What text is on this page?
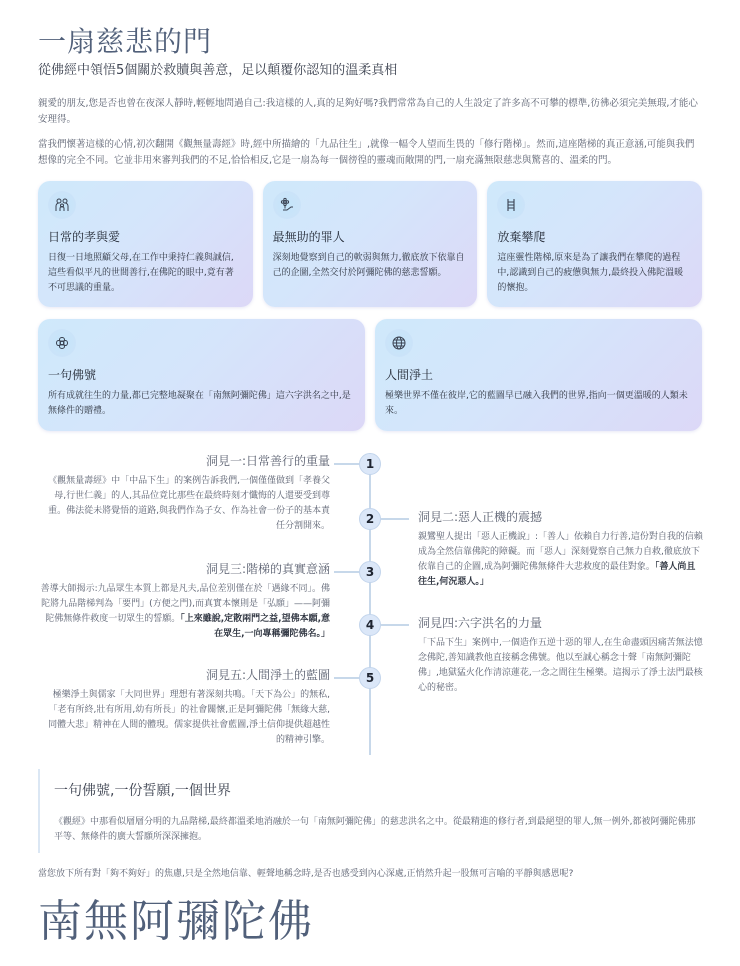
一扇慈悲的門
從佛經中領悟5個關於救贖與善意，足以顛覆你認知的溫柔真相

親愛的朋友,您是否也曾在夜深人靜時,輕輕地問過自己:我這樣的人,真的足夠好嗎?我們常常為自己的人生設定了許多高不可攀的標準,彷彿必須完美無瑕,才能心安理得。

當我們懷著這樣的心情,初次翻開《觀無量壽經》時,經中所描繪的「九品往生」,就像一幅令人望而生畏的「修行階梯」。然而,這座階梯的真正意涵,可能與我們想像的完全不同。它並非用來審判我們的不足,恰恰相反,它是一扇為每一個徬徨的靈魂而敞開的門,一扇充滿無限慈悲與驚喜的、溫柔的門。

日常的孝與愛

日復一日地照顧父母,在工作中秉持仁義與誠信,這些看似平凡的世間善行,在佛陀的眼中,竟有著不可思議的重量。

最無助的罪人

深刻地覺察到自己的軟弱與無力,徹底放下依靠自己的企圖,全然交付於阿彌陀佛的慈悲誓願。

放棄攀爬

這座靈性階梯,原來是為了讓我們在攀爬的過程中,認識到自己的疲憊與無力,最終投入佛陀溫暖的懷抱。

一句佛號

所有成就往生的力量,都已完整地凝聚在「南無阿彌陀佛」這六字洪名之中,是無條件的贈禮。

人間淨土

極樂世界不僅在彼岸,它的藍圖早已融入我們的世界,指向一個更溫暖的人類未來。

1
洞見一:日常善行的重量

《觀無量壽經》中「中品下生」的案例告訴我們,一個僅僅做到「孝養父母,行世仁義」的人,其品位竟比那些在最終時刻才懺悔的人還要受到尊重。佛法從未將覺悟的道路,與我們作為子女、作為社會一份子的基本責任分割開來。	2	洞見二:惡人正機的震撼

親鸞聖人提出「惡人正機說」:「善人」依賴自力行善,這份對自我的信賴成為全然信靠佛陀的障礙。而「惡人」深刻覺察自己無力自救,徹底放下依靠自己的企圖,成為阿彌陀佛無條件大悲救度的最佳對象。「善人尚且往生,何況惡人。」

3
洞見三:階梯的真實意涵

善導大師揭示:九品眾生本質上都是凡夫,品位差別僅在於「遇緣不同」。佛陀將九品階梯判為「要門」(方便之門),而真實本懷則是「弘願」——阿彌陀佛無條件救度一切眾生的誓願。「上來雖說,定散兩門之益,望佛本願,意在眾生,一向專稱彌陀佛名。」

4	洞見四:六字洪名的力量

「下品下生」案例中,一個造作五逆十惡的罪人,在生命盡頭因痛苦無法憶念佛陀,善知識教他直接稱念佛號。他以至誠心稱念十聲「南無阿彌陀佛」,地獄猛火化作清涼蓮花,一念之間往生極樂。這揭示了淨土法門最核心的秘密。

5
洞見五:人間淨土的藍圖

極樂淨土與儒家「大同世界」理想有著深刻共鳴。「天下為公」的無私,「老有所終,壯有所用,幼有所長」的社會關懷,正是阿彌陀佛「無緣大慈,同體大悲」精神在人間的體現。儒家提供社會藍圖,淨土信仰提供超越性的精神引擎。

一句佛號,一份誓願,一個世界

《觀經》中那看似層層分明的九品階梯,最終都溫柔地消融於一句「南無阿彌陀佛」的慈悲洪名之中。從最精進的修行者,到最絕望的罪人,無一例外,都被阿彌陀佛那平等、無條件的廣大誓願所深深擁抱。

當您放下所有對「夠不夠好」的焦慮,只是全然地信靠、輕聲地稱念時,是否也感受到內心深處,正悄然升起一股無可言喻的平靜與感恩呢?

南無阿彌陀佛
